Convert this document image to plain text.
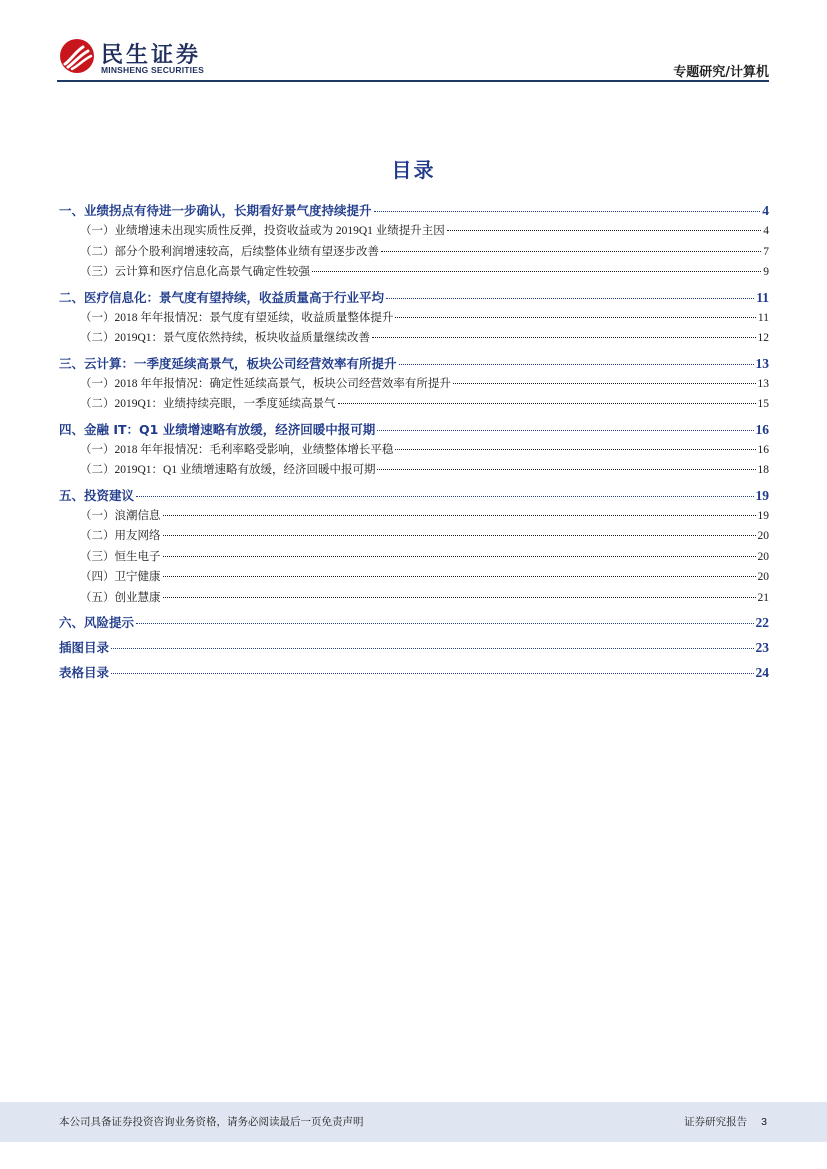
民生证券
MINSHENG SECURITIES	专题研究/计算机
目录
一、业绩拐点有待进一步确认，长期看好景气度持续提升	4
（一）业绩增速未出现实质性反弹，投资收益或为 2019Q1 业绩提升主因	4
（二）部分个股利润增速较高，后续整体业绩有望逐步改善	7
（三）云计算和医疗信息化高景气确定性较强	9
二、医疗信息化：景气度有望持续，收益质量高于行业平均	11
（一）2018 年年报情况：景气度有望延续，收益质量整体提升	11
（二）2019Q1：景气度依然持续，板块收益质量继续改善	12
三、云计算：一季度延续高景气，板块公司经营效率有所提升	13
（一）2018 年年报情况：确定性延续高景气，板块公司经营效率有所提升	13
（二）2019Q1：业绩持续亮眼，一季度延续高景气	15
四、金融 IT：Q1 业绩增速略有放缓，经济回暖中报可期	16
（一）2018 年年报情况：毛利率略受影响，业绩整体增长平稳	16
（二）2019Q1：Q1 业绩增速略有放缓，经济回暖中报可期	18
五、投资建议	19
（一）浪潮信息	19
（二）用友网络	20
（三）恒生电子	20
（四）卫宁健康	20
（五）创业慧康	21
六、风险提示	22
插图目录	23
表格目录	24
本公司具备证券投资咨询业务资格，请务必阅读最后一页免责声明	证券研究报告 3
